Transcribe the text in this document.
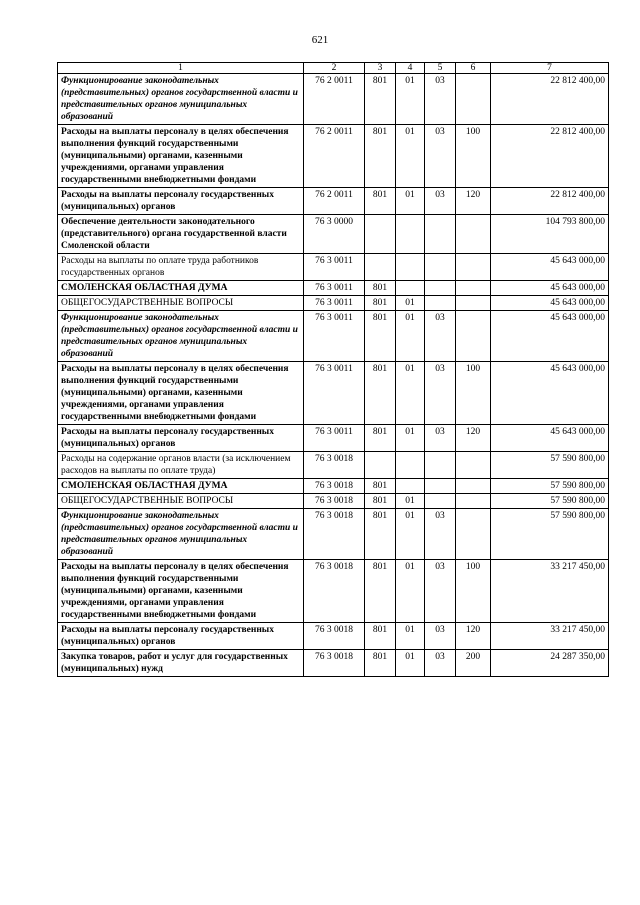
621
1	2	3	4	5	6	7
Функционирование законодательных (представительных) органов государственной власти и представительных органов муниципальных образований	76 2 0011	801	01	03		22 812 400,00
Расходы на выплаты персоналу в целях обеспечения выполнения функций государственными (муниципальными) органами, казенными учреждениями, органами управления государственными внебюджетными фондами	76 2 0011	801	01	03	100	22 812 400,00
Расходы на выплаты персоналу государственных (муниципальных) органов	76 2 0011	801	01	03	120	22 812 400,00
Обеспечение деятельности законодательного (представительного) органа государственной власти Смоленской области	76 3 0000					104 793 800,00
Расходы на выплаты по оплате труда работников государственных органов	76 3 0011					45 643 000,00
СМОЛЕНСКАЯ ОБЛАСТНАЯ ДУМА	76 3 0011	801				45 643 000,00
ОБЩЕГОСУДАРСТВЕННЫЕ ВОПРОСЫ	76 3 0011	801	01			45 643 000,00
Функционирование законодательных (представительных) органов государственной власти и представительных органов муниципальных образований	76 3 0011	801	01	03		45 643 000,00
Расходы на выплаты персоналу в целях обеспечения выполнения функций государственными (муниципальными) органами, казенными учреждениями, органами управления государственными внебюджетными фондами	76 3 0011	801	01	03	100	45 643 000,00
Расходы на выплаты персоналу государственных (муниципальных) органов	76 3 0011	801	01	03	120	45 643 000,00
Расходы на содержание органов власти (за исключением расходов на выплаты по оплате труда)	76 3 0018					57 590 800,00
СМОЛЕНСКАЯ ОБЛАСТНАЯ ДУМА	76 3 0018	801				57 590 800,00
ОБЩЕГОСУДАРСТВЕННЫЕ ВОПРОСЫ	76 3 0018	801	01			57 590 800,00
Функционирование законодательных (представительных) органов государственной власти и представительных органов муниципальных образований	76 3 0018	801	01	03		57 590 800,00
Расходы на выплаты персоналу в целях обеспечения выполнения функций государственными (муниципальными) органами, казенными учреждениями, органами управления государственными внебюджетными фондами	76 3 0018	801	01	03	100	33 217 450,00
Расходы на выплаты персоналу государственных (муниципальных) органов	76 3 0018	801	01	03	120	33 217 450,00
Закупка товаров, работ и услуг для государственных (муниципальных) нужд	76 3 0018	801	01	03	200	24 287 350,00
